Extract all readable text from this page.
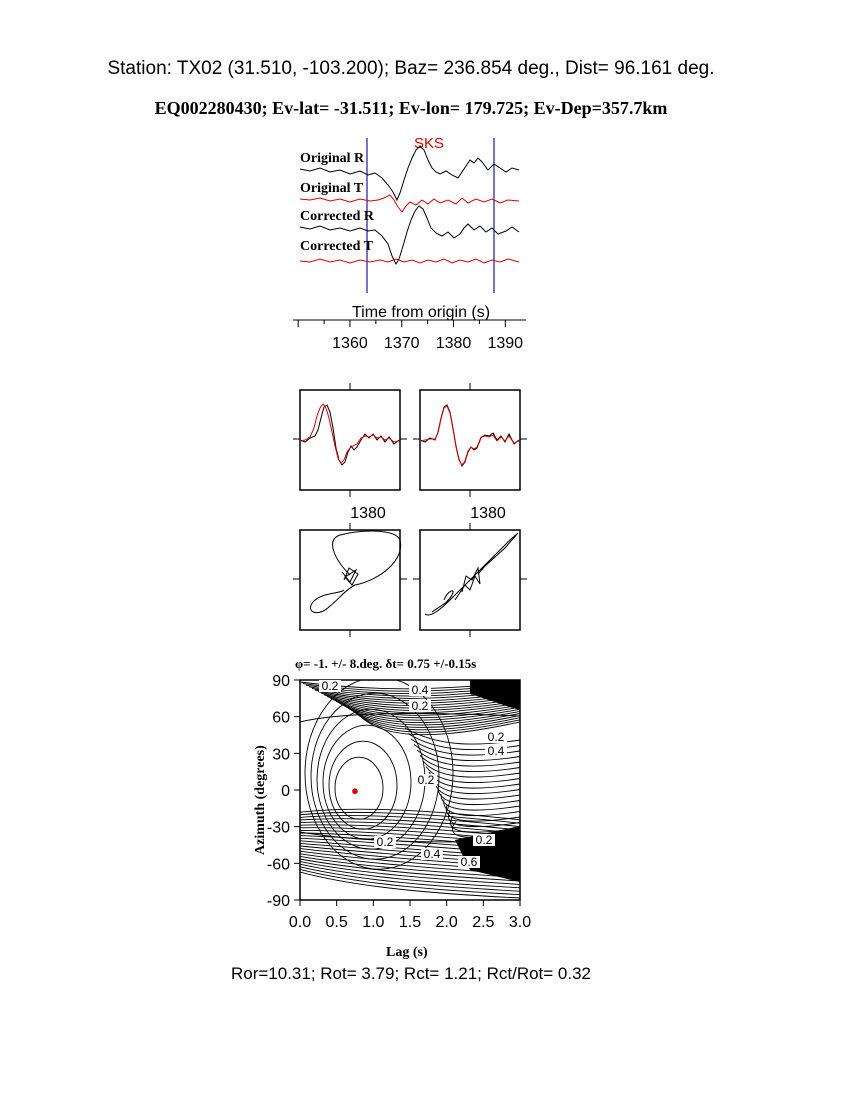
Station: TX02 (31.510, -103.200); Baz= 236.854 deg., Dist= 96.161 deg.
EQ002280430; Ev-lat= -31.511; Ev-lon= 179.725; Ev-Dep=357.7km
SKS
Original R
Original T
Corrected R
Corrected T
1360 1370 1380 1390
Time from origin (s)
1380	1380
φ= -1. +/- 8.deg. δt= 0.75 +/-0.15s
0.4
0.2
0.2
0.4
0.2
0.2	0.2
0.4
0.6
0.2
0.0 0.5 1.0 1.5 2.0 2.5 3.0
90
60
30
0
-30
-60
-90
Lag (s)
Azimuth (degrees)
Ror=10.31; Rot= 3.79; Rct= 1.21; Rct/Rot= 0.32
